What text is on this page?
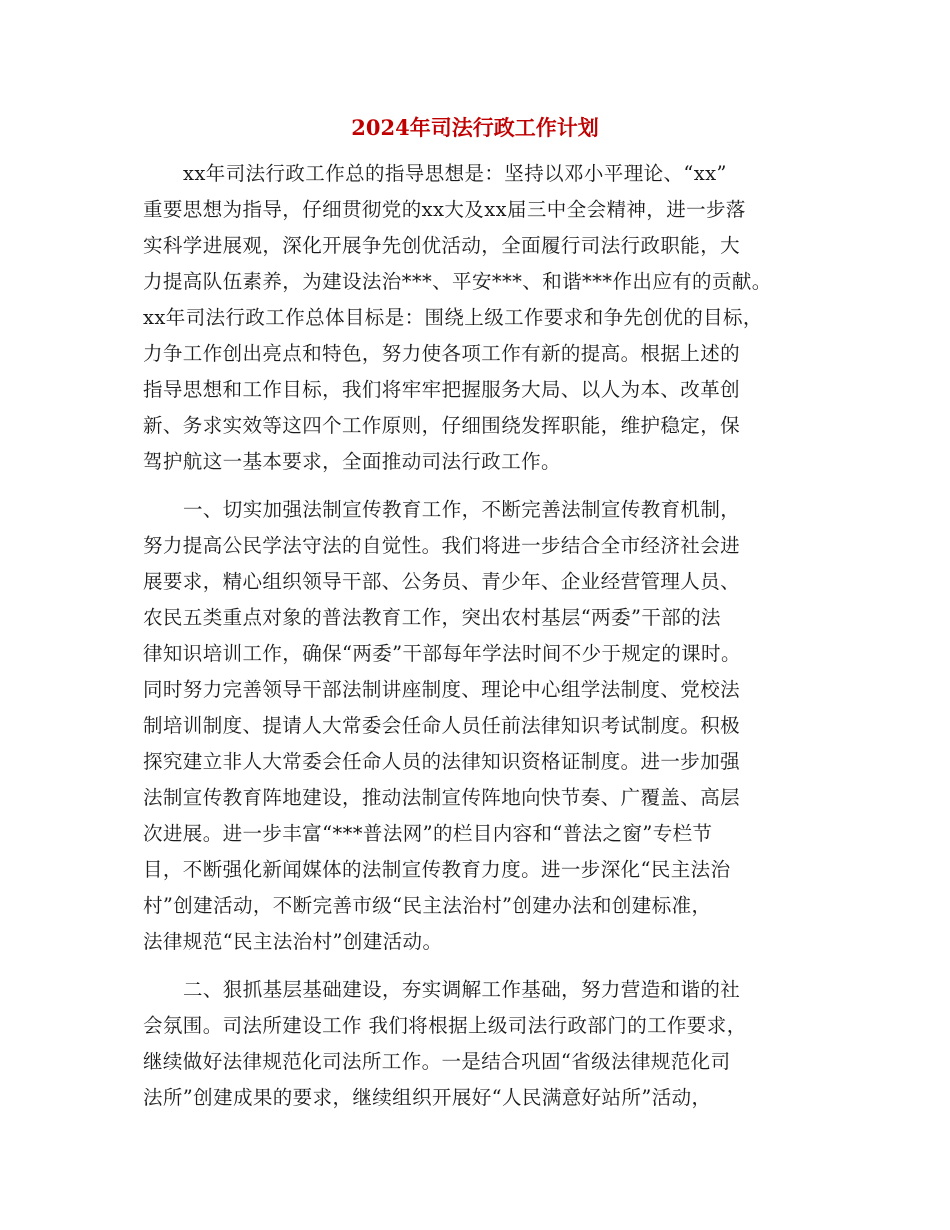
2024年司法行政工作计划
xx年司法行政工作总的指导思想是：坚持以邓小平理论、“xx”
重要思想为指导，仔细贯彻党的xx大及xx届三中全会精神，进一步落
实科学进展观，深化开展争先创优活动，全面履行司法行政职能，大
力提高队伍素养，为建设法治***、平安***、和谐***作出应有的贡献。
xx年司法行政工作总体目标是：围绕上级工作要求和争先创优的目标，
力争工作创出亮点和特色，努力使各项工作有新的提高。根据上述的
指导思想和工作目标，我们将牢牢把握服务大局、以人为本、改革创
新、务求实效等这四个工作原则，仔细围绕发挥职能，维护稳定，保
驾护航这一基本要求，全面推动司法行政工作。
一、切实加强法制宣传教育工作，不断完善法制宣传教育机制，
努力提高公民学法守法的自觉性。我们将进一步结合全市经济社会进
展要求，精心组织领导干部、公务员、青少年、企业经营管理人员、
农民五类重点对象的普法教育工作，突出农村基层“两委”干部的法
律知识培训工作，确保“两委”干部每年学法时间不少于规定的课时。
同时努力完善领导干部法制讲座制度、理论中心组学法制度、党校法
制培训制度、提请人大常委会任命人员任前法律知识考试制度。积极
探究建立非人大常委会任命人员的法律知识资格证制度。进一步加强
法制宣传教育阵地建设，推动法制宣传阵地向快节奏、广覆盖、高层
次进展。进一步丰富“***普法网”的栏目内容和“普法之窗”专栏节
目，不断强化新闻媒体的法制宣传教育力度。进一步深化“民主法治
村”创建活动，不断完善市级“民主法治村”创建办法和创建标准，
法律规范“民主法治村”创建活动。
二、狠抓基层基础建设，夯实调解工作基础，努力营造和谐的社
会氛围。司法所建设工作 我们将根据上级司法行政部门的工作要求，
继续做好法律规范化司法所工作。一是结合巩固“省级法律规范化司
法所”创建成果的要求，继续组织开展好“人民满意好站所”活动，
